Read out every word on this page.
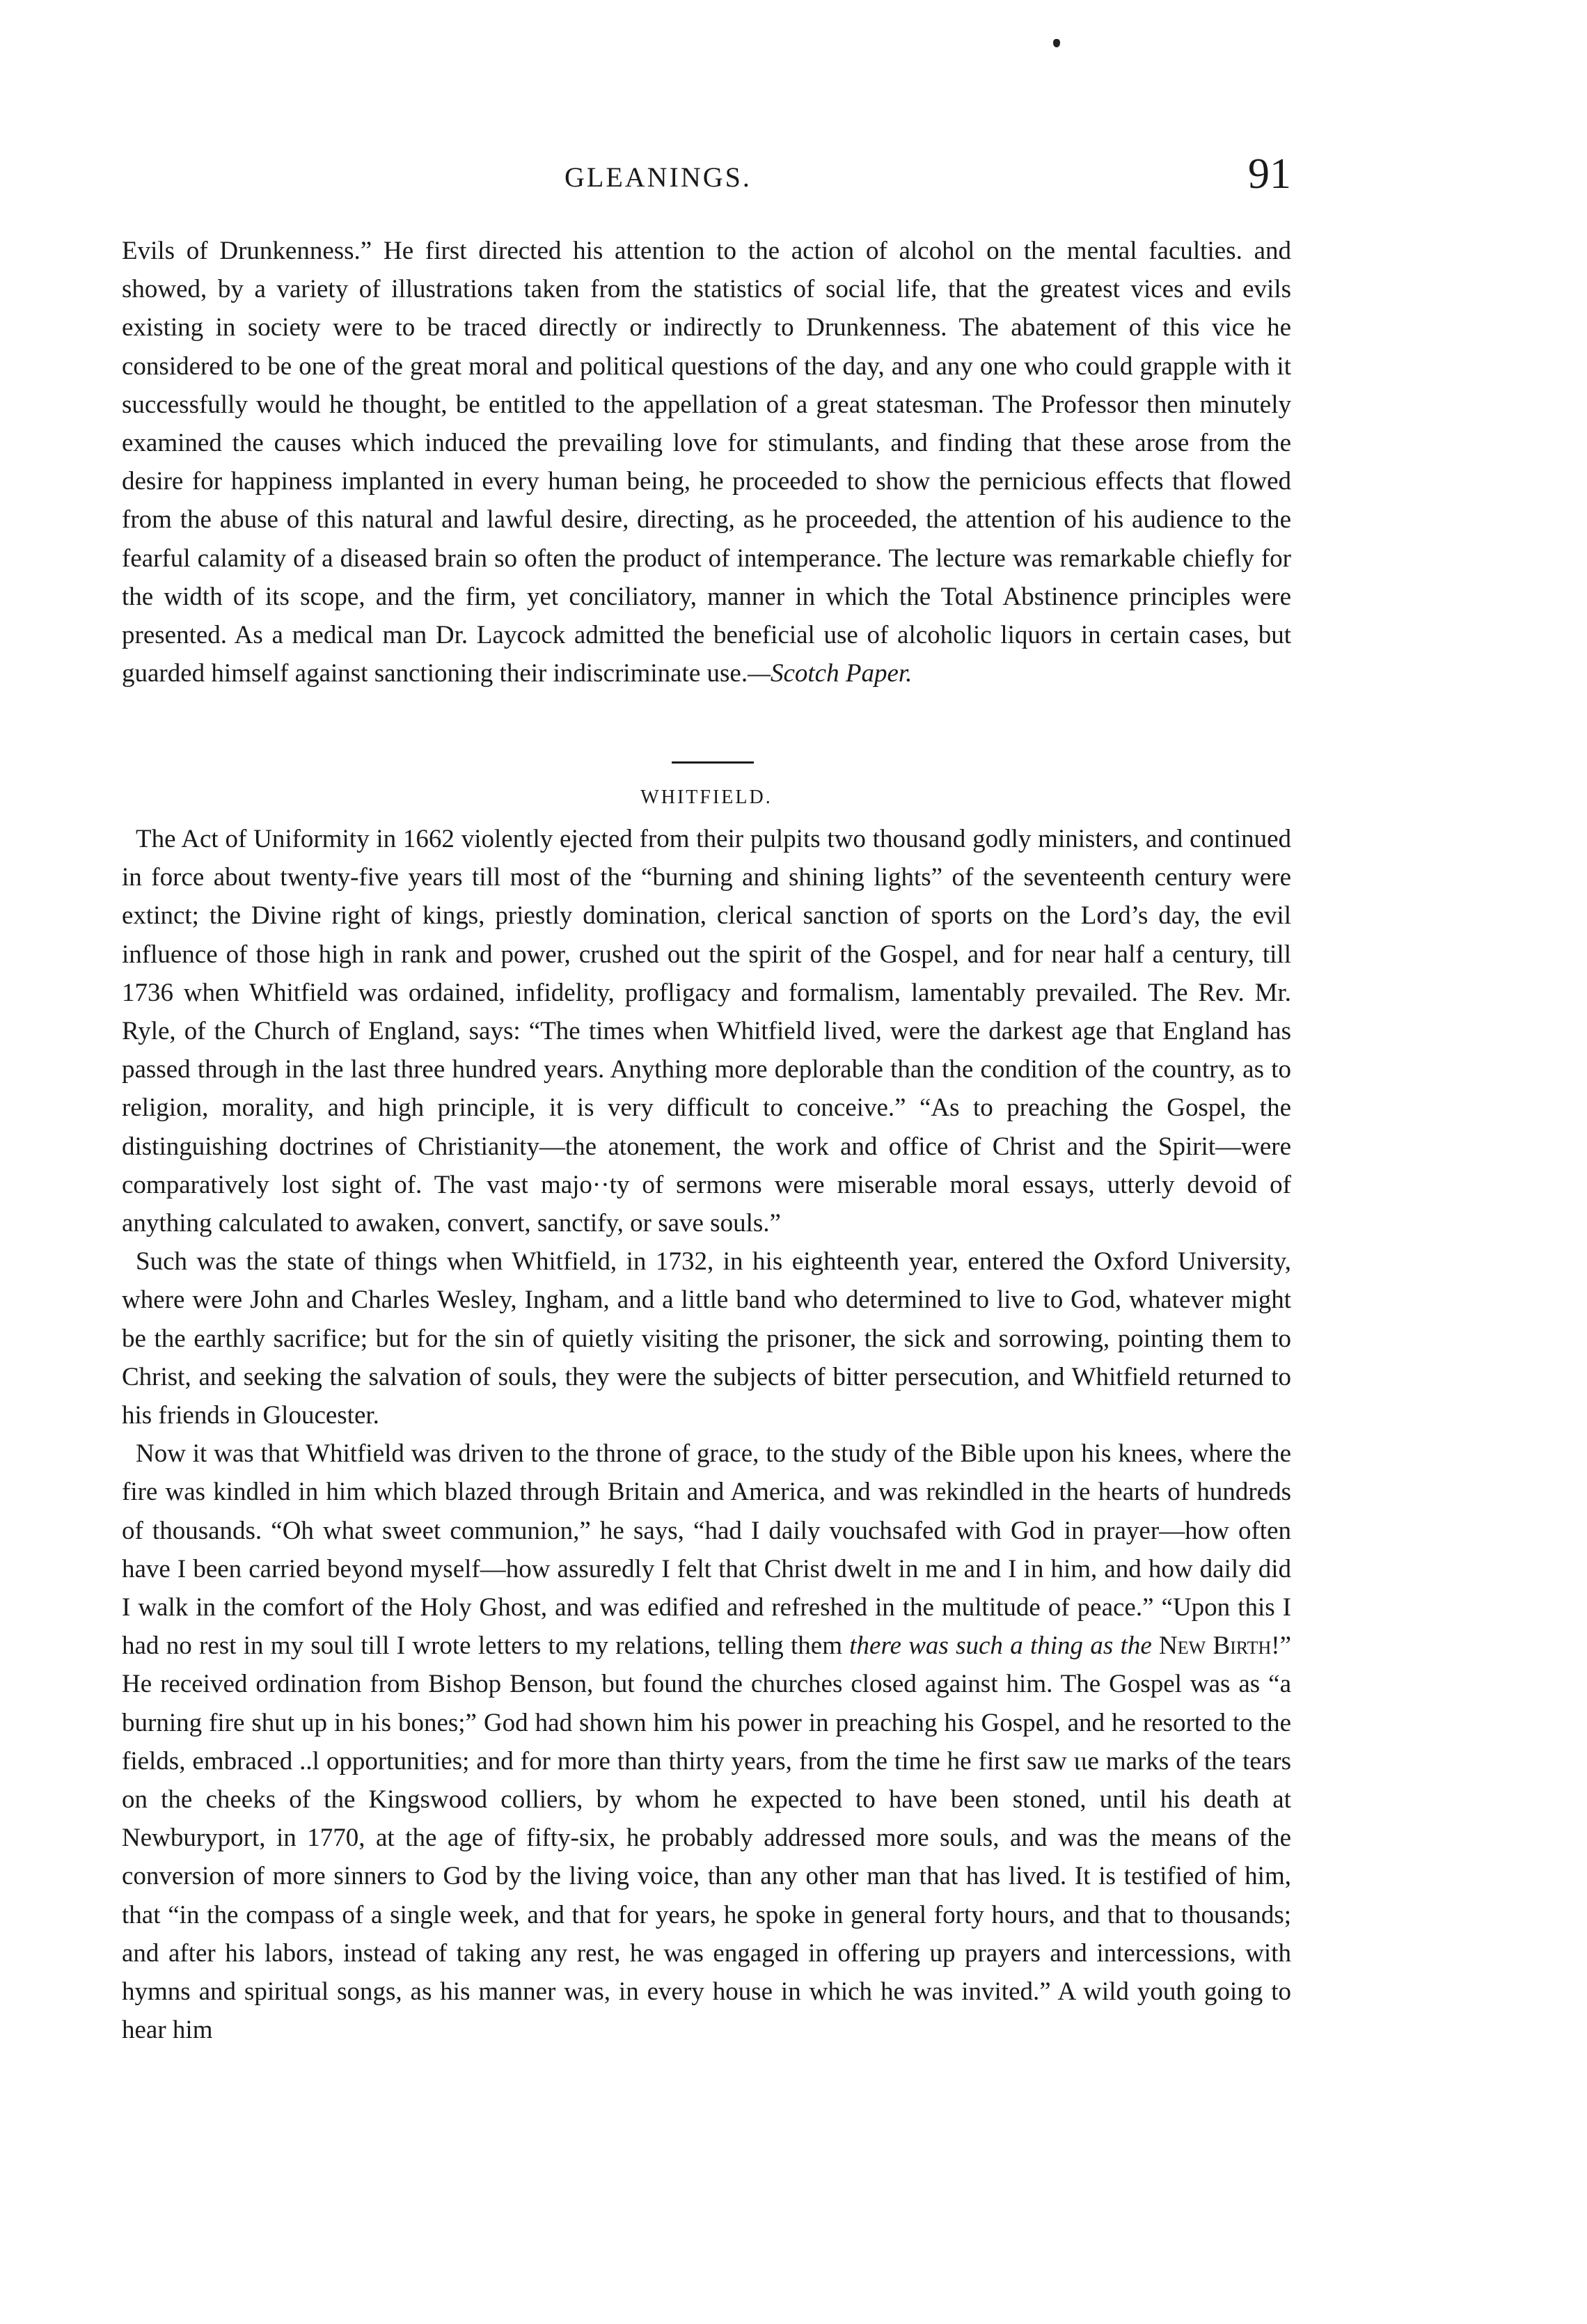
GLEANINGS.	91

Evils of Drunkenness.” He first directed his attention to the action of alcohol on the mental faculties. and showed, by a variety of illustrations taken from the statistics of social life, that the greatest vices and evils existing in society were to be traced directly or indirectly to Drunkenness. The abatement of this vice he considered to be one of the great moral and political questions of the day, and any one who could grapple with it successfully would he thought, be entitled to the appellation of a great statesman. The Professor then minutely examined the causes which induced the prevailing love for stimulants, and finding that these arose from the desire for happiness implanted in every human being, he proceeded to show the pernicious effects that flowed from the abuse of this natural and lawful desire, directing, as he proceeded, the attention of his audience to the fearful calamity of a diseased brain so often the product of intemperance. The lecture was remarkable chiefly for the width of its scope, and the firm, yet conciliatory, manner in which the Total Abstinence principles were presented. As a medical man Dr. Laycock admitted the beneficial use of alcoholic liquors in certain cases, but guarded himself against sanctioning their indiscriminate use.—Scotch Paper.

WHITFIELD.

The Act of Uniformity in 1662 violently ejected from their pulpits two thousand godly ministers, and continued in force about twenty-five years till most of the “burning and shining lights” of the seventeenth century were extinct; the Divine right of kings, priestly domination, clerical sanction of sports on the Lord’s day, the evil influence of those high in rank and power, crushed out the spirit of the Gospel, and for near half a century, till 1736 when Whitfield was ordained, infidelity, profligacy and formalism, lamentably prevailed. The Rev. Mr. Ryle, of the Church of England, says: “The times when Whitfield lived, were the darkest age that England has passed through in the last three hundred years. Anything more deplorable than the condition of the country, as to religion, morality, and high principle, it is very difficult to conceive.” “As to preaching the Gospel, the distinguishing doctrines of Christianity—the atonement, the work and office of Christ and the Spirit—were comparatively lost sight of. The vast majo··ty of sermons were miserable moral essays, utterly devoid of anything calculated to awaken, convert, sanctify, or save souls.”

Such was the state of things when Whitfield, in 1732, in his eighteenth year, entered the Oxford University, where were John and Charles Wesley, Ingham, and a little band who determined to live to God, whatever might be the earthly sacrifice; but for the sin of quietly visiting the prisoner, the sick and sorrowing, pointing them to Christ, and seeking the salvation of souls, they were the subjects of bitter persecution, and Whitfield returned to his friends in Gloucester.

Now it was that Whitfield was driven to the throne of grace, to the study of the Bible upon his knees, where the fire was kindled in him which blazed through Britain and America, and was rekindled in the hearts of hundreds of thousands. “Oh what sweet communion,” he says, “had I daily vouchsafed with God in prayer—how often have I been carried beyond myself—how assuredly I felt that Christ dwelt in me and I in him, and how daily did I walk in the comfort of the Holy Ghost, and was edified and refreshed in the multitude of peace.” “Upon this I had no rest in my soul till I wrote letters to my relations, telling them there was such a thing as the New Birth!” He received ordination from Bishop Benson, but found the churches closed against him. The Gospel was as “a burning fire shut up in his bones;” God had shown him his power in preaching his Gospel, and he resorted to the fields, embraced ..l opportunities; and for more than thirty years, from the time he first saw ιιe marks of the tears on the cheeks of the Kingswood colliers, by whom he expected to have been stoned, until his death at Newburyport, in 1770, at the age of fifty-six, he probably addressed more souls, and was the means of the conversion of more sinners to God by the living voice, than any other man that has lived. It is testified of him, that “in the compass of a single week, and that for years, he spoke in general forty hours, and that to thousands; and after his labors, instead of taking any rest, he was engaged in offering up prayers and intercessions, with hymns and spiritual songs, as his manner was, in every house in which he was invited.” A wild youth going to hear him
